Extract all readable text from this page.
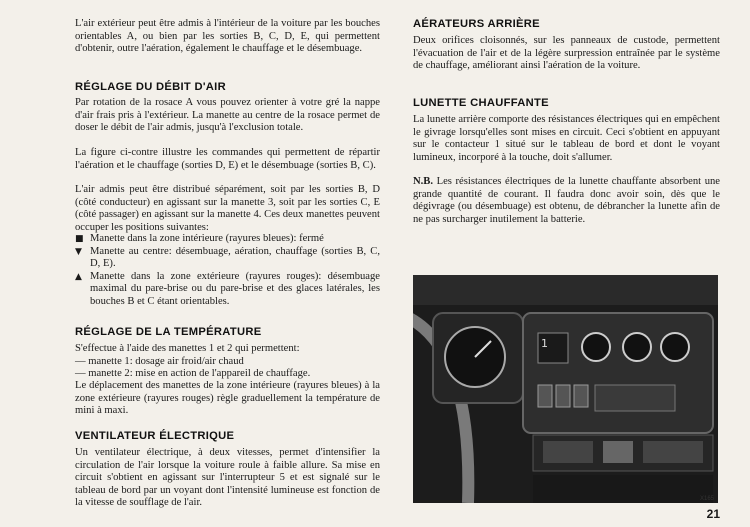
L'air extérieur peut être admis à l'intérieur de la voiture par les bouches orientables A, ou bien par les sorties B, C, D, E, qui permettent d'obtenir, outre l'aération, également le chauffage et le désembuage.

RÉGLAGE DU DÉBIT D'AIR

Par rotation de la rosace A vous pouvez orienter à votre gré la nappe d'air frais pris à l'extérieur. La manette au centre de la rosace permet de doser le débit de l'air admis, jusqu'à l'exclusion totale.

La figure ci-contre illustre les commandes qui permettent de répartir l'aération et le chauffage (sorties D, E) et le désembuage (sorties B, C).

L'air admis peut être distribué séparément, soit par les sorties B, D (côté conducteur) en agissant sur la manette 3, soit par les sorties C, E (côté passager) en agissant sur la manette 4. Ces deux manettes peuvent occuper les positions suivantes:

■ Manette dans la zone intérieure (rayures bleues): fermé
▼ Manette au centre: désembuage, aération, chauffage (sorties B, C, D, E).
▲ Manette dans la zone extérieure (rayures rouges): désembuage maximal du pare-brise ou du pare-brise et des glaces latérales, les bouches B et C étant orientables.
RÉGLAGE DE LA TEMPÉRATURE

S'effectue à l'aide des manettes 1 et 2 qui permettent:

— manette 1: dosage air froid/air chaud

— manette 2: mise en action de l'appareil de chauffage.

Le déplacement des manettes de la zone intérieure (rayures bleues) à la zone extérieure (rayures rouges) règle graduellement la température de mini à maxi.

VENTILATEUR ÉLECTRIQUE

Un ventilateur électrique, à deux vitesses, permet d'intensifier la circulation de l'air lorsque la voiture roule à faible allure. Sa mise en circuit s'obtient en agissant sur l'interrupteur 5 et est signalé sur le tableau de bord par un voyant dont l'intensité lumineuse est fonction de la vitesse de soufflage de l'air.

AÉRATEURS ARRIÈRE

Deux orifices cloisonnés, sur les panneaux de custode, permettent l'évacuation de l'air et de la légère surpression entraînée par le système de chauffage, améliorant ainsi l'aération de la voiture.

LUNETTE CHAUFFANTE

La lunette arrière comporte des résistances électriques qui en empêchent le givrage lorsqu'elles sont mises en circuit. Ceci s'obtient en appuyant sur le contacteur 1 situé sur le tableau de bord et dont le voyant lumineux, incorporé à la touche, doit s'allumer.

N.B. Les résistances électriques de la lunette chauffante absorbent une grande quantité de courant. Il faudra donc avoir soin, dès que le dégivrage (ou désembuage) est obtenu, de débrancher la lunette afin de ne pas surcharger inutilement la batterie.

1
X165
21
